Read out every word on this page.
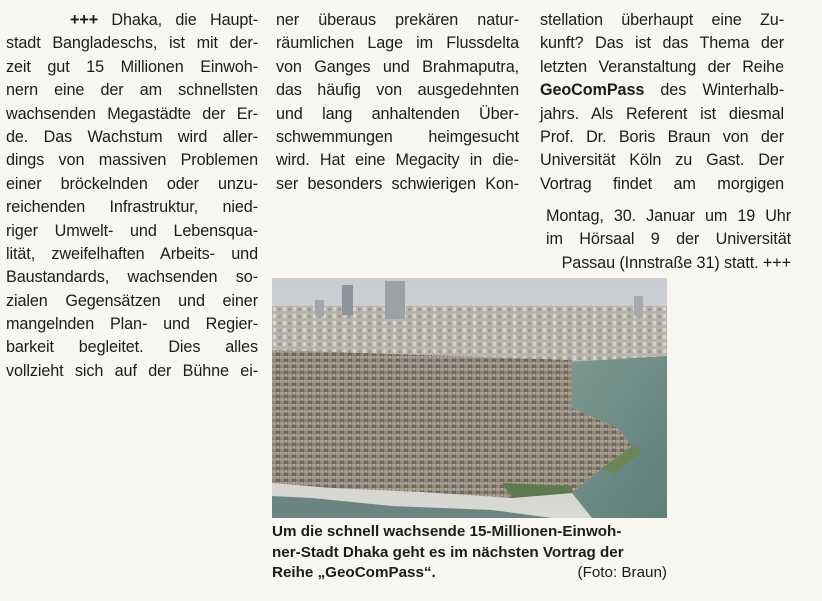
+++ Dhaka, die Haupt-
stadt Bangladeschs, ist mit der-
zeit gut 15 Millionen Einwoh-
nern eine der am schnellsten
wachsenden Megastädte der Er-
de. Das Wachstum wird aller-
dings von massiven Problemen
einer bröckelnden oder unzu-
reichenden Infrastruktur, nied-
riger Umwelt- und Lebensqua-
lität, zweifelhaften Arbeits- und
Baustandards, wachsenden so-
zialen Gegensätzen und einer
mangelnden Plan- und Regier-
barkeit begleitet. Dies alles
vollzieht sich auf der Bühne ei-
ner überaus prekären natur-
räumlichen Lage im Flussdelta
von Ganges und Brahmaputra,
das häufig von ausgedehnten
und lang anhaltenden Über-
schwemmungen heimgesucht
wird. Hat eine Megacity in die-
ser besonders schwierigen Kon-
stellation überhaupt eine Zu-
kunft? Das ist das Thema der
letzten Veranstaltung der Reihe
GeoComPass des Winterhalb-
jahrs. Als Referent ist diesmal
Prof. Dr. Boris Braun von der
Universität Köln zu Gast. Der
Vortrag findet am morgigen
Montag, 30. Januar um 19 Uhr
im Hörsaal 9 der Universität
Passau (Innstraße 31) statt. +++
Um die schnell wachsende 15-Millionen-Einwoh-
ner-Stadt Dhaka geht es im nächsten Vortrag der
Reihe „GeoComPass“.	(Foto: Braun)
